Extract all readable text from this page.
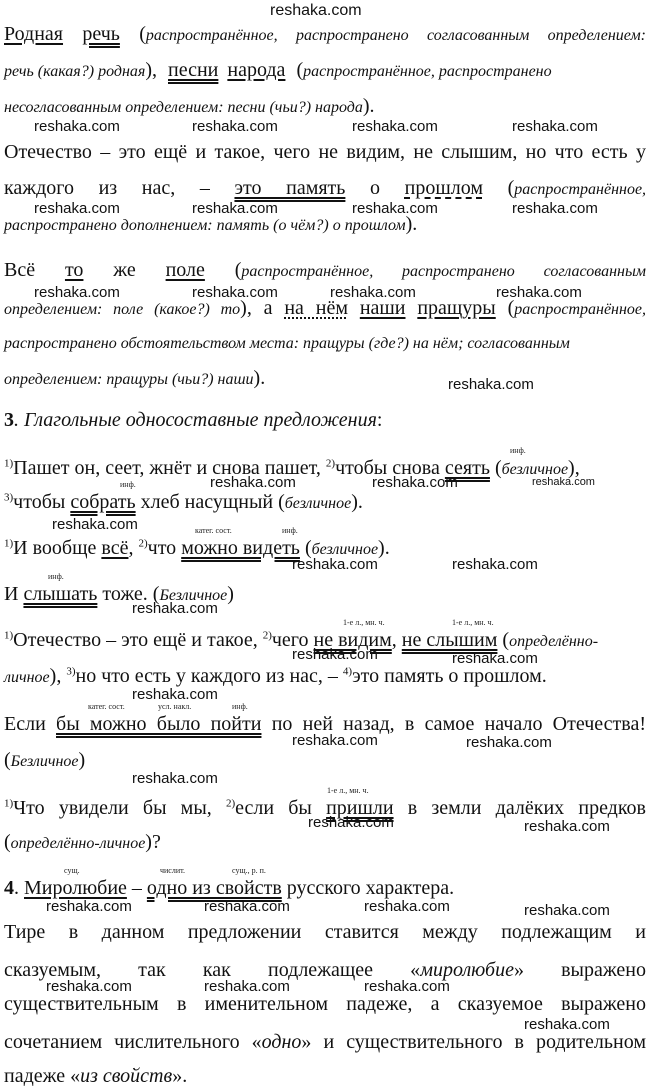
reshaka.com
Родная речь (распространённое, распространено согласованным определением:
речь (какая?) родная), песни народа (распространённое, распространено
несогласованным определением: песни (чьи?) народа).
reshaka.com	reshaka.com	reshaka.com	reshaka.com
Отечество – это ещё и такое, чего не видим, не слышим, но что есть у
каждого из нас, – это память о прошлом (распространённое,
reshaka.com	reshaka.com	reshaka.com	reshaka.com
распространено дополнением: память (о чём?) о прошлом).
Всё то же поле (распространённое, распространено согласованным
reshaka.com	reshaka.com	reshaka.com	reshaka.com
определением: поле (какое?) то), а на нём наши пращуры (распространённое,
распространено обстоятельством места: пращуры (где?) на нём; согласованным
определением: пращуры (чьи?) наши).	reshaka.com
3. Глагольные односоставные предложения:
инф.
$^{1)}$Пашет он, сеет, жнёт и снова пашет, $^{2)}$чтобы снова сеять (безличное),
reshaka.com	reshaka.com	reshaka.com
инф.
$^{3)}$чтобы собрать хлеб насущный (безличное).
reshaka.com	катег. сост.	инф.
$^{1)}$И вообще всё, $^{2)}$что можно видеть (безличное).
reshaka.com	reshaka.com
инф.
И слышать тоже. (Безличное)
reshaka.com
1-е л., мн. ч.	1-е л., мн. ч.
$^{1)}$Отечество – это ещё и такое, $^{2)}$чего не видим, не слышим (определённо-
reshaka.com	reshaka.com
личное), $^{3)}$но что есть у каждого из нас, – $^{4)}$это память о прошлом.
reshaka.com
катег. сост.	усл. накл.	инф.
Если бы можно было пойти по ней назад, в самое начало Отечества!
reshaka.com	reshaka.com
(Безличное)
reshaka.com
1-е л., мн. ч.
$^{1)}$Что увидели бы мы, $^{2)}$если бы пришли в земли далёких предков
reshaka.com	reshaka.com
(определённо-личное)?
сущ.	числит.	сущ., р. п.
4. Миролюбие – одно из свойств русского характера.
reshaka.com	reshaka.com	reshaka.com	reshaka.com
Тире в данном предложении ставится между подлежащим и
сказуемым, так как подлежащее «миролюбие» выражено
reshaka.com	reshaka.com	reshaka.com
существительным в именительном падеже, а сказуемое выражено
reshaka.com
сочетанием числительного «одно» и существительного в родительном
падеже «из свойств».
